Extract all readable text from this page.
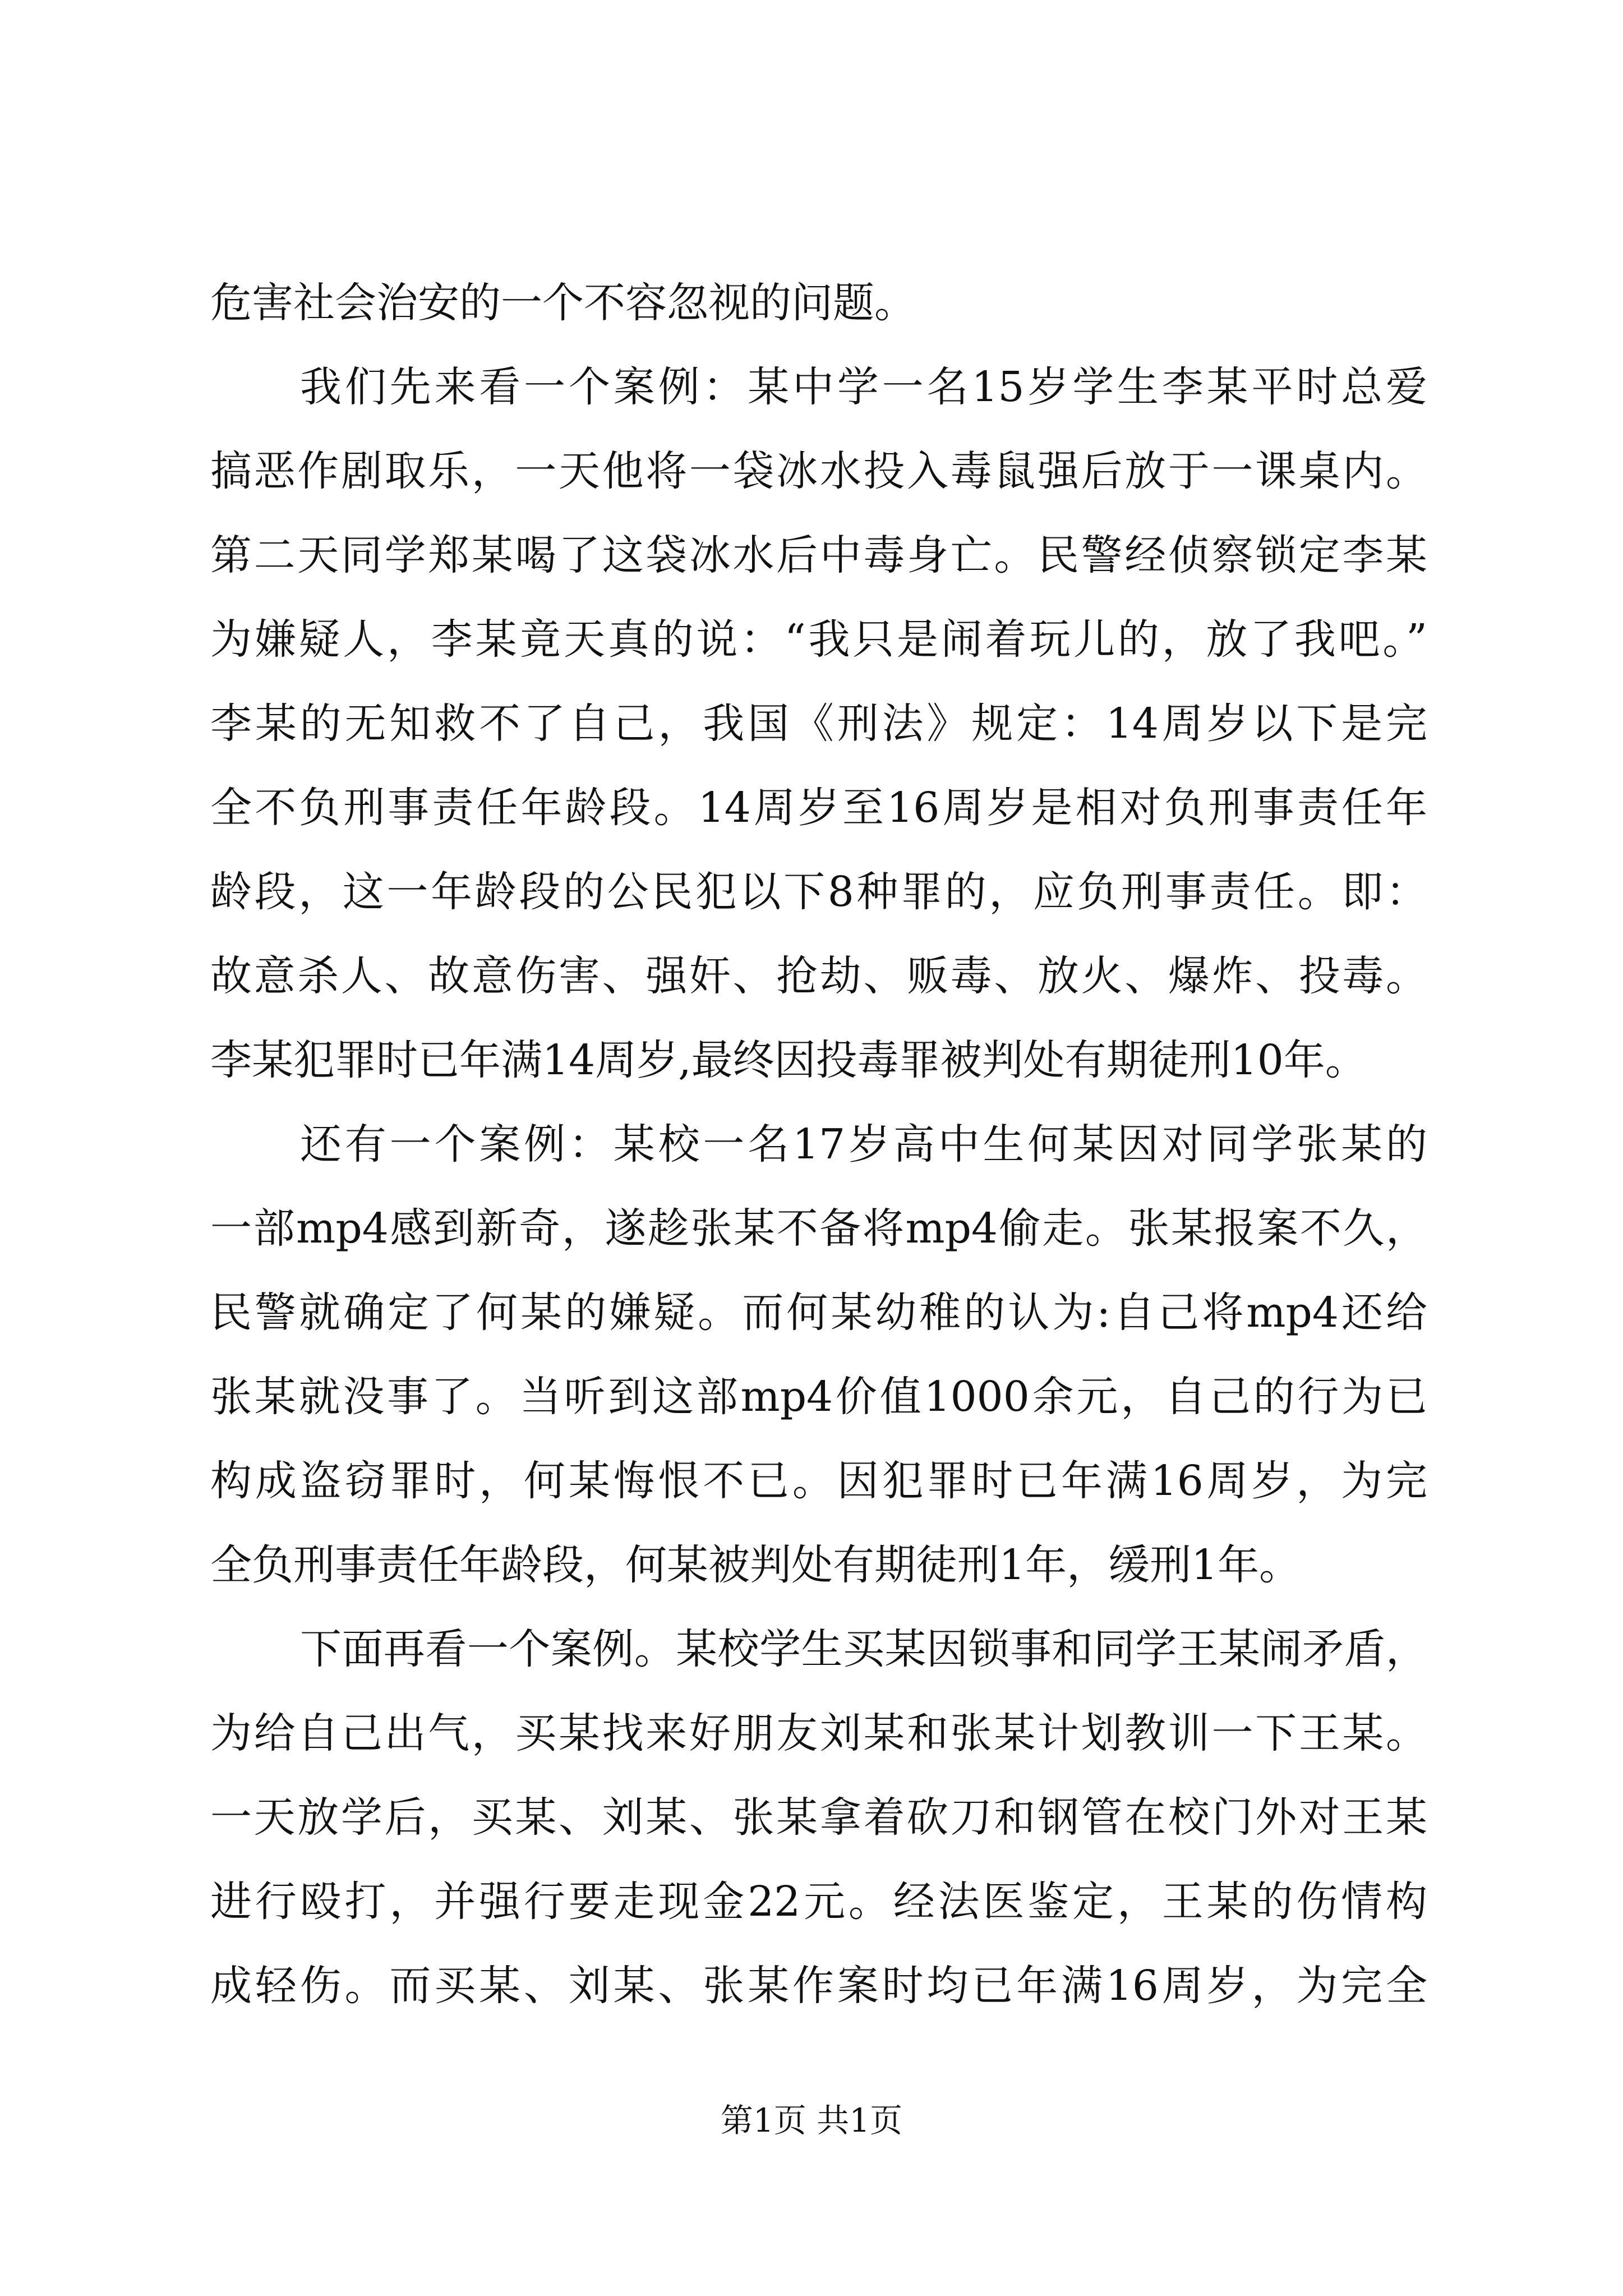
危害社会治安的一个不容忽视的问题。
我们先来看一个案例：某中学一名15岁学生李某平时总爱
搞恶作剧取乐，一天他将一袋冰水投入毒鼠强后放于一课桌内。
第二天同学郑某喝了这袋冰水后中毒身亡。民警经侦察锁定李某
为嫌疑人，李某竟天真的说：“我只是闹着玩儿的，放了我吧。”
李某的无知救不了自己，我国《刑法》规定：14周岁以下是完
全不负刑事责任年龄段。14周岁至16周岁是相对负刑事责任年
龄段，这一年龄段的公民犯以下8种罪的，应负刑事责任。即：
故意杀人、故意伤害、强奸、抢劫、贩毒、放火、爆炸、投毒。
李某犯罪时已年满14周岁,最终因投毒罪被判处有期徒刑10年。
还有一个案例：某校一名17岁高中生何某因对同学张某的
一部mp4感到新奇，遂趁张某不备将mp4偷走。张某报案不久，
民警就确定了何某的嫌疑。而何某幼稚的认为:自己将mp4还给
张某就没事了。当听到这部mp4价值1000余元，自己的行为已
构成盗窃罪时，何某悔恨不已。因犯罪时已年满16周岁，为完
全负刑事责任年龄段，何某被判处有期徒刑1年，缓刑1年。
下面再看一个案例。某校学生买某因锁事和同学王某闹矛盾，
为给自己出气，买某找来好朋友刘某和张某计划教训一下王某。
一天放学后，买某、刘某、张某拿着砍刀和钢管在校门外对王某
进行殴打，并强行要走现金22元。经法医鉴定，王某的伤情构
成轻伤。而买某、刘某、张某作案时均已年满16周岁，为完全
第1页 共1页
